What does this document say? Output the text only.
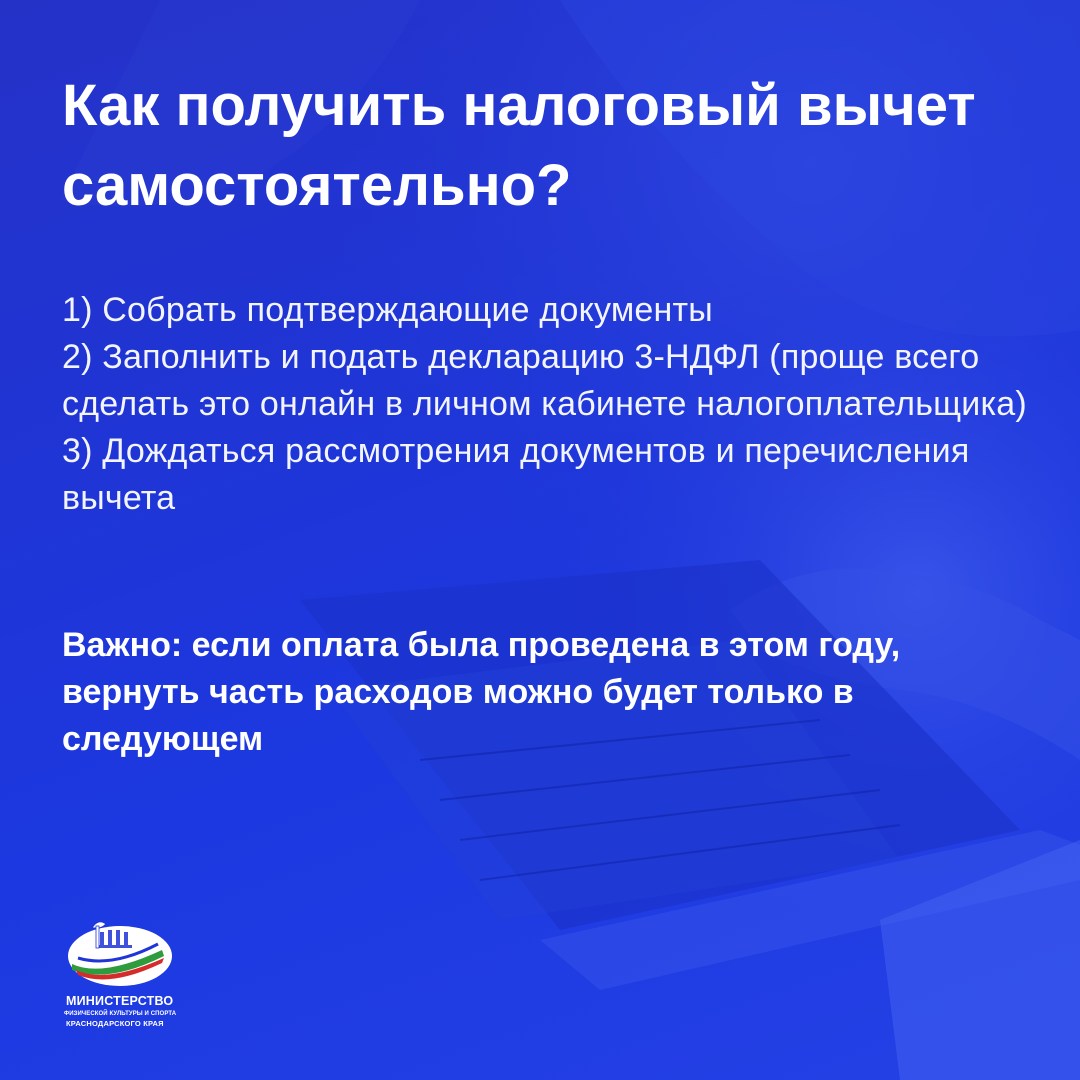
Как получить налоговый вычет самостоятельно?

1) Собрать подтверждающие документы

2) Заполнить и подать декларацию 3-НДФЛ (проще всего сделать это онлайн в личном кабинете налогоплательщика)

3) Дождаться рассмотрения документов и перечисления вычета

Важно: если оплата была проведена в этом году, вернуть часть расходов можно будет только в следующем

МИНИСТЕРСТВО
ФИЗИЧЕСКОЙ КУЛЬТУРЫ И СПОРТА
КРАСНОДАРСКОГО КРАЯ
